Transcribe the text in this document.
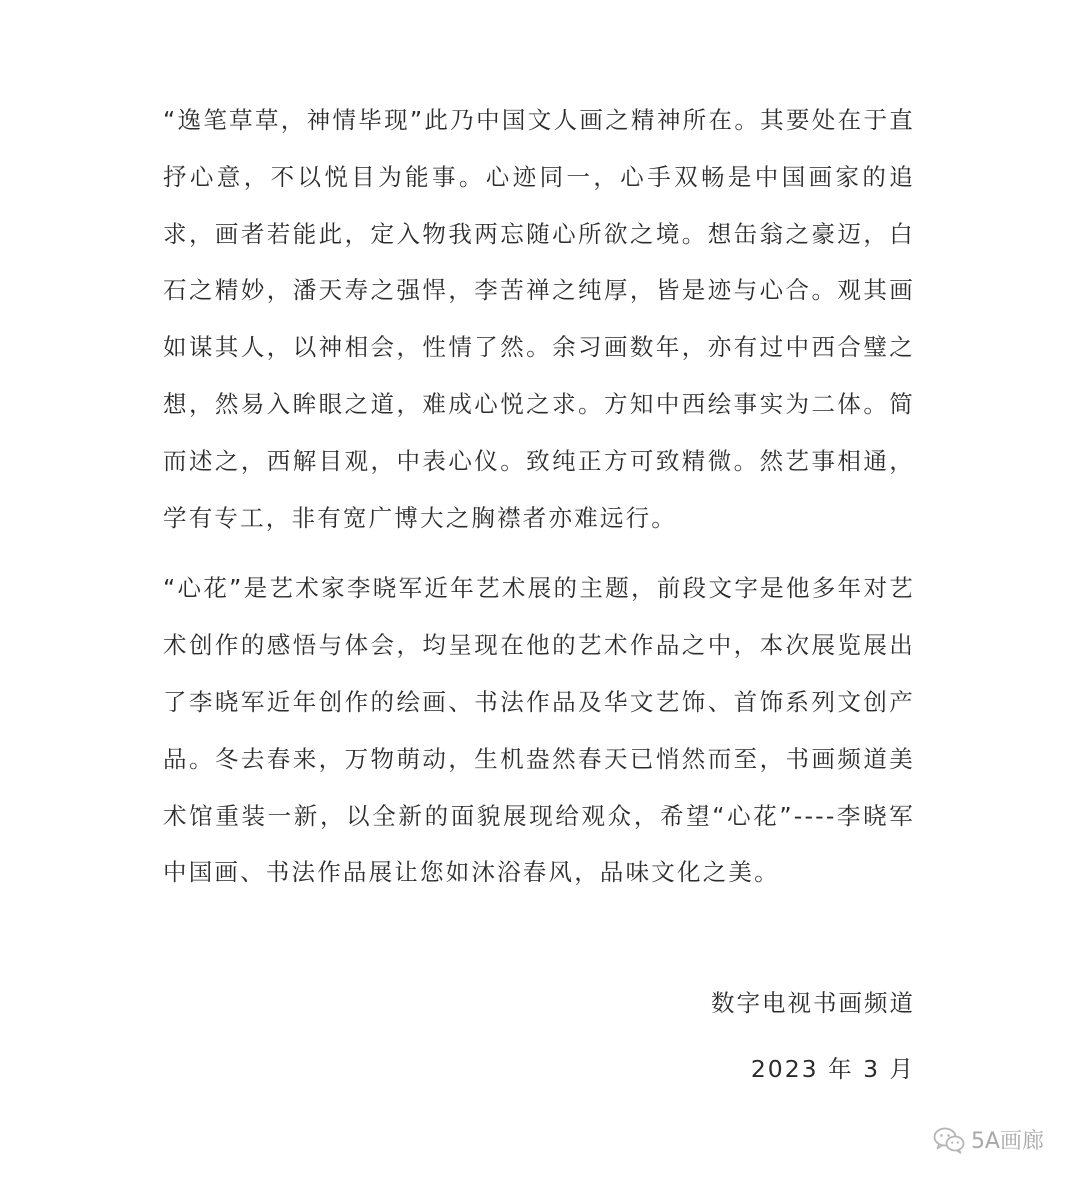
“逸笔草草，神情毕现”此乃中国文人画之精神所在。其要处在于直抒心意，不以悦目为能事。心迹同一，心手双畅是中国画家的追求，画者若能此，定入物我两忘随心所欲之境。想缶翁之豪迈，白石之精妙，潘天寿之强悍，李苦禅之纯厚，皆是迹与心合。观其画如谋其人，以神相会，性情了然。余习画数年，亦有过中西合璧之想，然易入眸眼之道，难成心悦之求。方知中西绘事实为二体。简而述之，西解目观，中表心仪。致纯正方可致精微。然艺事相通，学有专工，非有宽广博大之胸襟者亦难远行。

“心花”是艺术家李晓军近年艺术展的主题，前段文字是他多年对艺术创作的感悟与体会，均呈现在他的艺术作品之中，本次展览展出了李晓军近年创作的绘画、书法作品及华文艺饰、首饰系列文创产品。冬去春来，万物萌动，生机盎然春天已悄然而至，书画频道美术馆重装一新，以全新的面貌展现给观众，希望“心花”----李晓军中国画、书法作品展让您如沐浴春风，品味文化之美。

数字电视书画频道
2023 年 3 月
5A画廊
